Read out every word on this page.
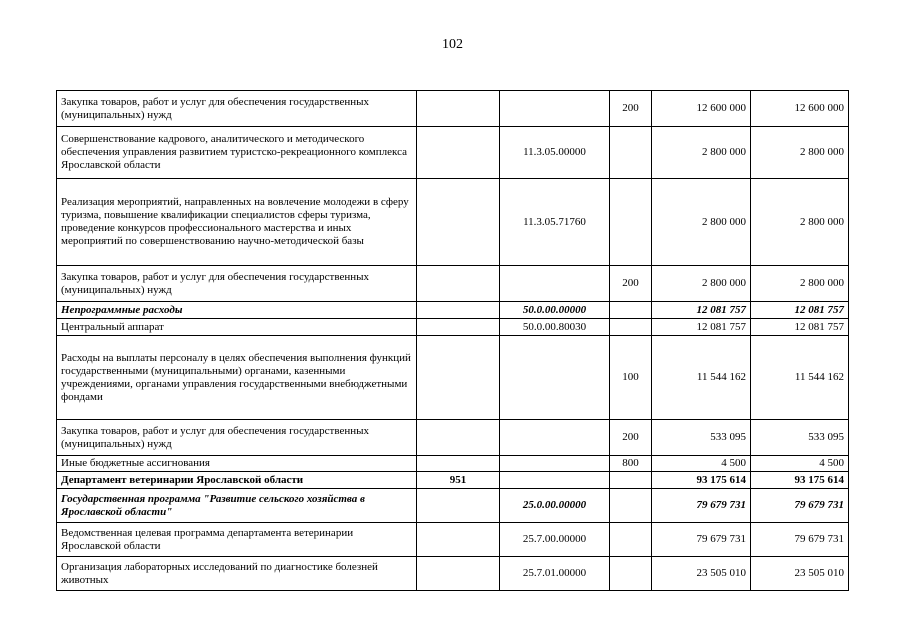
102
Закупка товаров, работ и услуг для обеспечения государственных (муниципальных) нужд			200	12 600 000	12 600 000
Совершенствование кадрового, аналитического и методического обеспечения управления развитием туристско-рекреационного комплекса Ярославской области		11.3.05.00000		2 800 000	2 800 000
Реализация мероприятий, направленных на вовлечение молодежи в сферу туризма, повышение квалификации специалистов сферы туризма, проведение конкурсов профессионального мастерства и иных мероприятий по совершенствованию научно-методической базы		11.3.05.71760		2 800 000	2 800 000
Закупка товаров, работ и услуг для обеспечения государственных (муниципальных) нужд			200	2 800 000	2 800 000
Непрограммные расходы		50.0.00.00000		12 081 757	12 081 757
Центральный аппарат		50.0.00.80030		12 081 757	12 081 757
Расходы на выплаты персоналу в целях обеспечения выполнения функций государственными (муниципальными) органами, казенными учреждениями, органами управления государственными внебюджетными фондами			100	11 544 162	11 544 162
Закупка товаров, работ и услуг для обеспечения государственных (муниципальных) нужд			200	533 095	533 095
Иные бюджетные ассигнования			800	4 500	4 500
Департамент ветеринарии Ярославской области	951			93 175 614	93 175 614
Государственная программа "Развитие сельского хозяйства в Ярославской области"		25.0.00.00000		79 679 731	79 679 731
Ведомственная целевая программа департамента ветеринарии Ярославской области		25.7.00.00000		79 679 731	79 679 731
Организация лабораторных исследований по диагностике болезней животных		25.7.01.00000		23 505 010	23 505 010
